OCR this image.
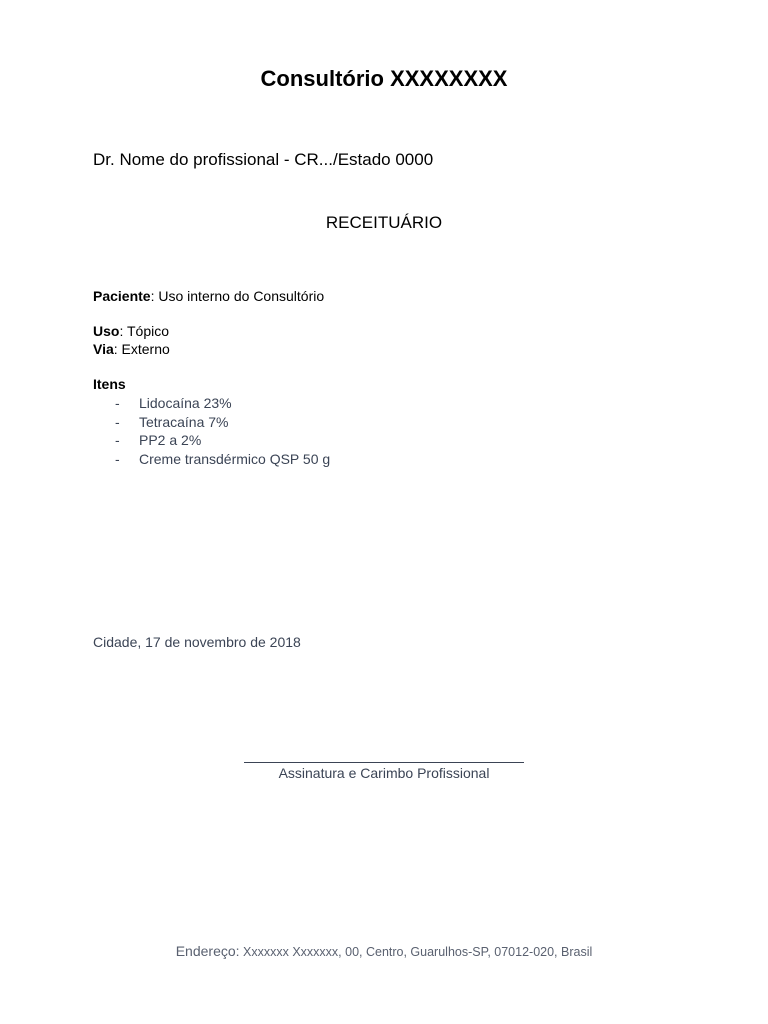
Consultório XXXXXXXX
Dr. Nome do profissional - CR.../Estado 0000
RECEITUÁRIO
Paciente: Uso interno do Consultório
Uso: Tópico
Via: Externo
Itens
- Lidocaína 23%
- Tetracaína 7%
- PP2 a 2%
- Creme transdérmico QSP 50 g
Cidade, 17 de novembro de 2018
Assinatura e Carimbo Profissional
Endereço: Xxxxxxx Xxxxxxx, 00, Centro, Guarulhos-SP, 07012-020, Brasil
